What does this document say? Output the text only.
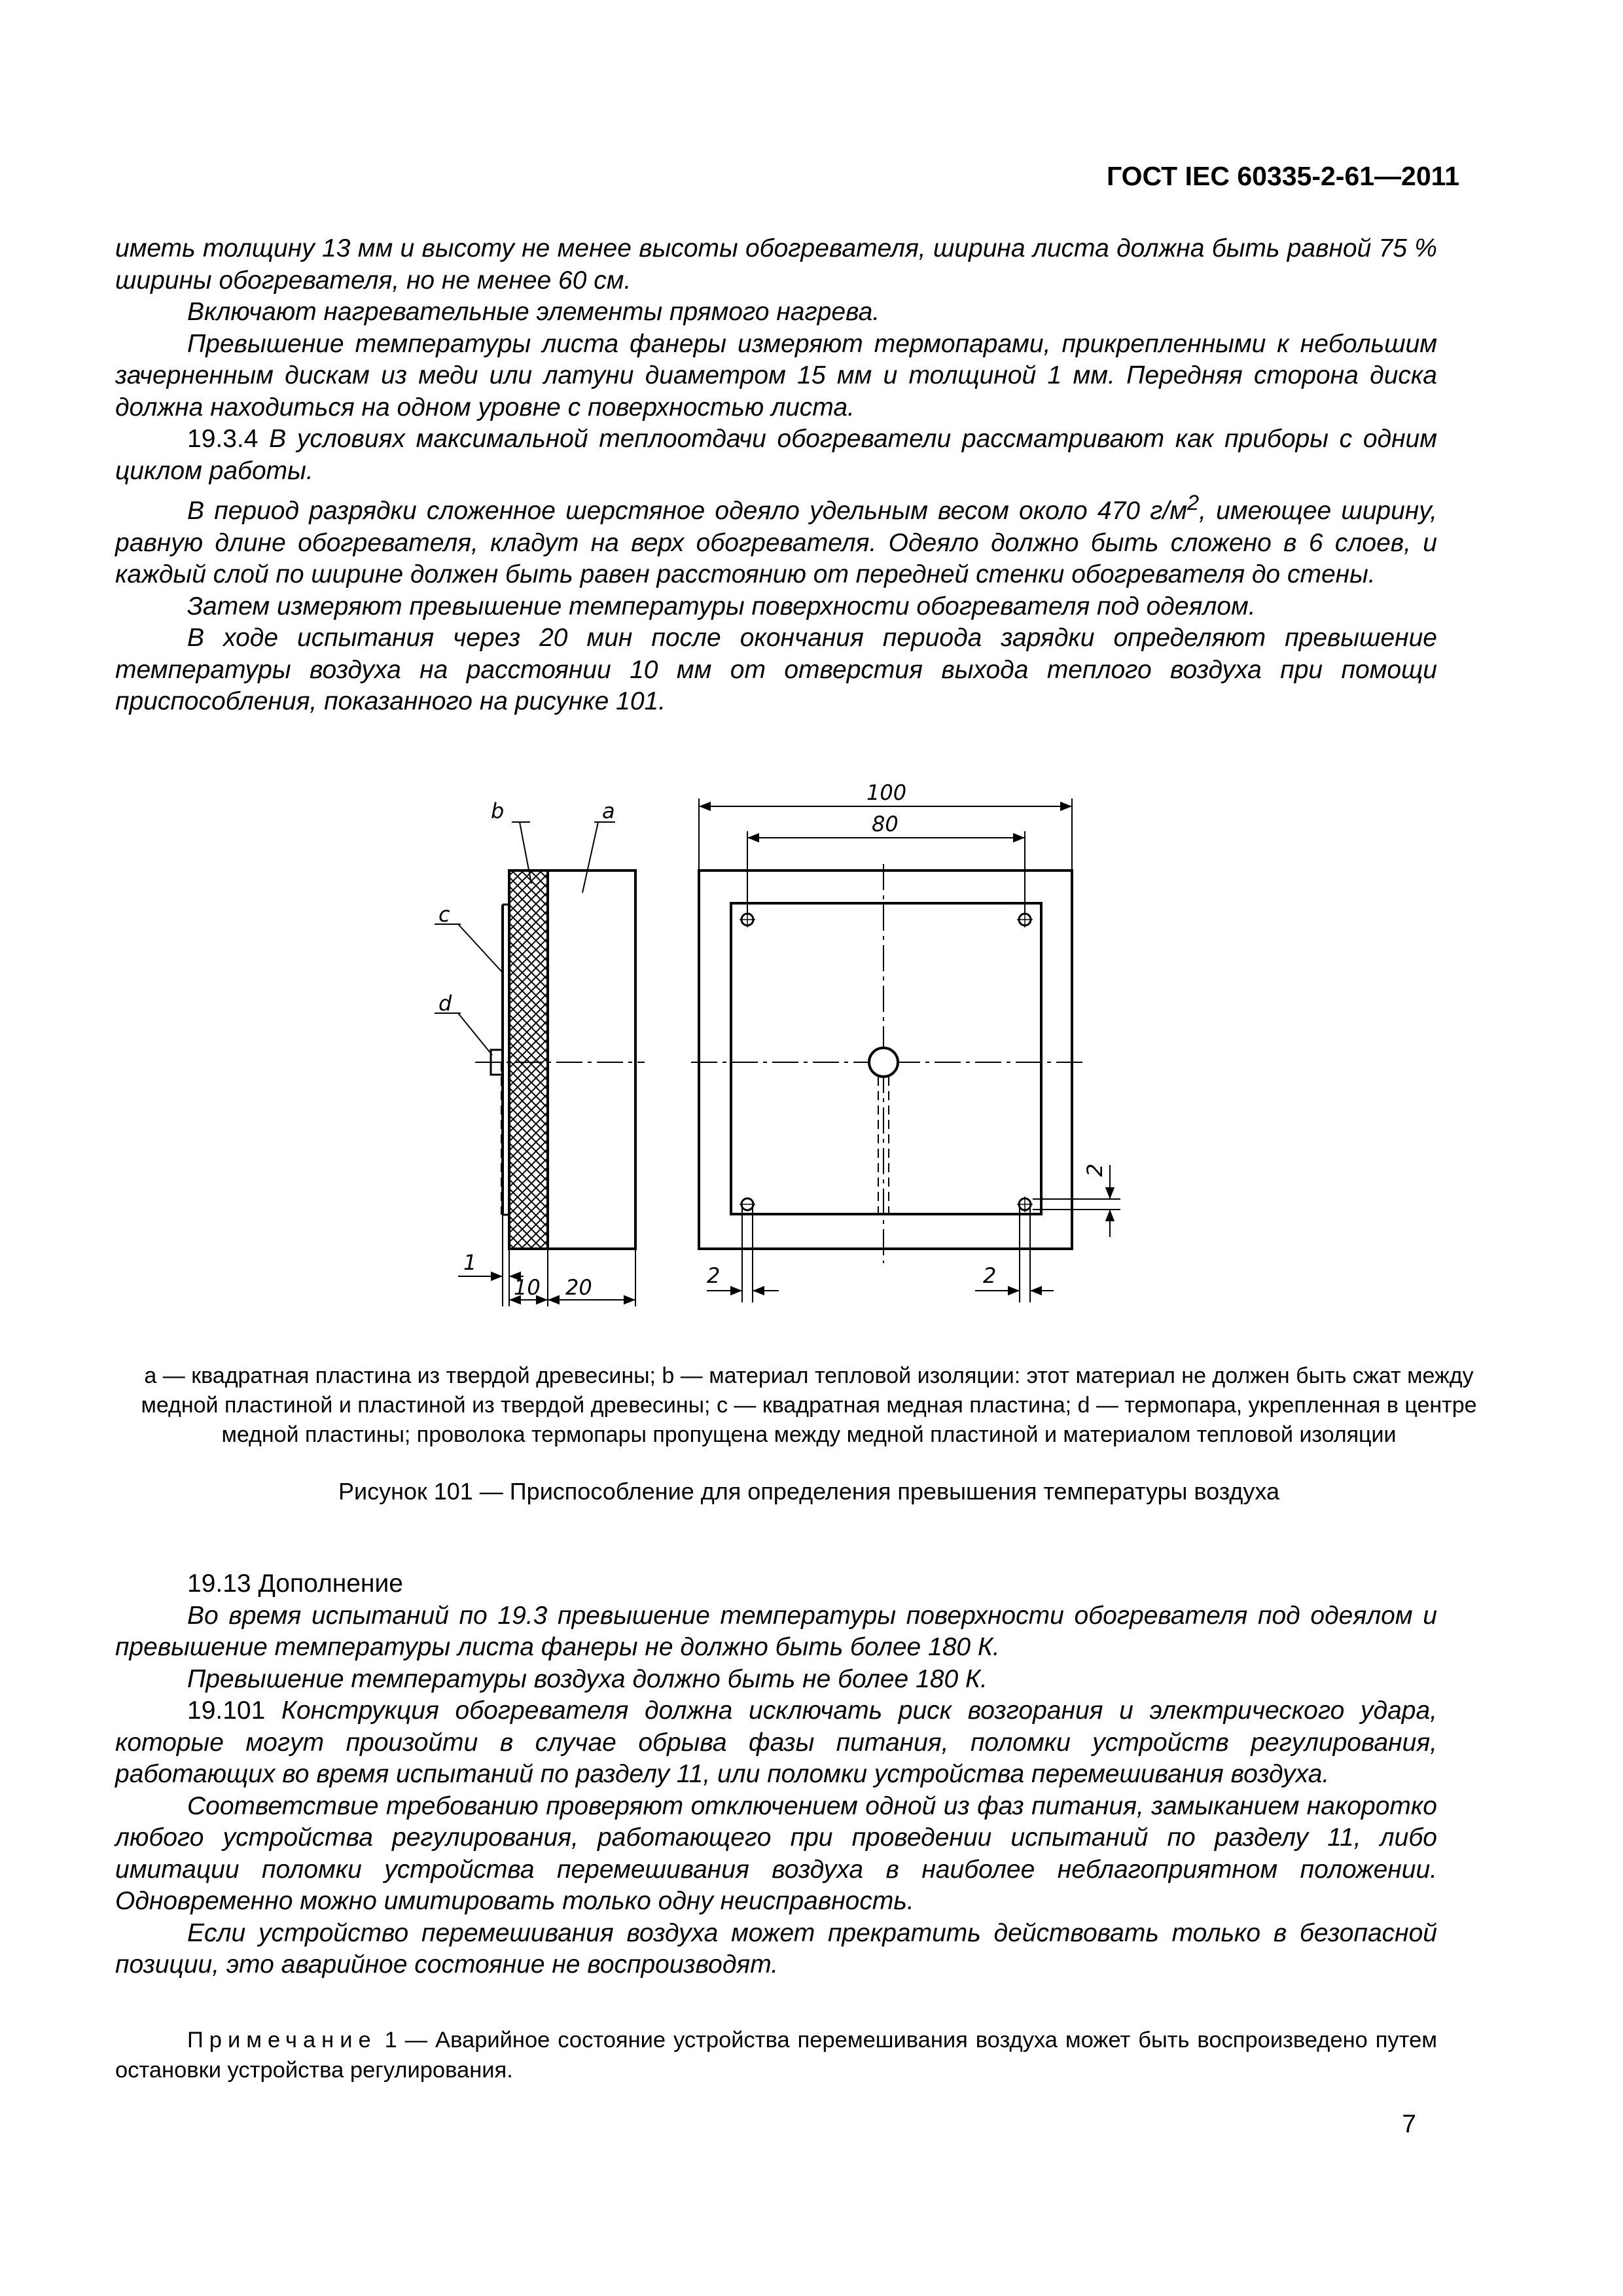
ГОСТ IEC 60335-2-61—2011

иметь толщину 13 мм и высоту не менее высоты обогревателя, ширина листа должна быть равной 75 % ширины обогревателя, но не менее 60 см.

Включают нагревательные элементы прямого нагрева.

Превышение температуры листа фанеры измеряют термопарами, прикрепленными к небольшим зачерненным дискам из меди или латуни диаметром 15 мм и толщиной 1 мм. Передняя сторона диска должна находиться на одном уровне с поверхностью листа.

19.3.4 В условиях максимальной теплоотдачи обогреватели рассматривают как приборы с одним циклом работы.

В период разрядки сложенное шерстяное одеяло удельным весом около 470 $г/м^2$, имеющее ширину, равную длине обогревателя, кладут на верх обогревателя. Одеяло должно быть сложено в 6 слоев, и каждый слой по ширине должен быть равен расстоянию от передней стенки обогревателя до стены.

Затем измеряют превышение температуры поверхности обогревателя под одеялом.

В ходе испытания через 20 мин после окончания периода зарядки определяют превышение температуры воздуха на расстоянии 10 мм от отверстия выхода теплого воздуха при помощи приспособления, показанного на рисунке 101.

b	a
c
d
1
10 20
100
80
2	2
2
a — квадратная пластина из твердой древесины; b — материал тепловой изоляции: этот материал не должен быть сжат между
медной пластиной и пластиной из твердой древесины; c — квадратная медная пластина; d — термопара, укрепленная в центре
медной пластины; проволока термопары пропущена между медной пластиной и материалом тепловой изоляции
Рисунок 101 — Приспособление для определения превышения температуры воздуха

19.13 Дополнение

Во время испытаний по 19.3 превышение температуры поверхности обогревателя под одеялом и превышение температуры листа фанеры не должно быть более 180 К.

Превышение температуры воздуха должно быть не более 180 К.

19.101 Конструкция обогревателя должна исключать риск возгорания и электрического удара, которые могут произойти в случае обрыва фазы питания, поломки устройств регулирования, работающих во время испытаний по разделу 11, или поломки устройства перемешивания воздуха.

Соответствие требованию проверяют отключением одной из фаз питания, замыканием накоротко любого устройства регулирования, работающего при проведении испытаний по разделу 11, либо имитации поломки устройства перемешивания воздуха в наиболее неблагоприятном положении. Одновременно можно имитировать только одну неисправность.

Если устройство перемешивания воздуха может прекратить действовать только в безопасной позиции, это аварийное состояние не воспроизводят.

Примечание 1 — Аварийное состояние устройства перемешивания воздуха может быть воспроизведено путем остановки устройства регулирования.
7
